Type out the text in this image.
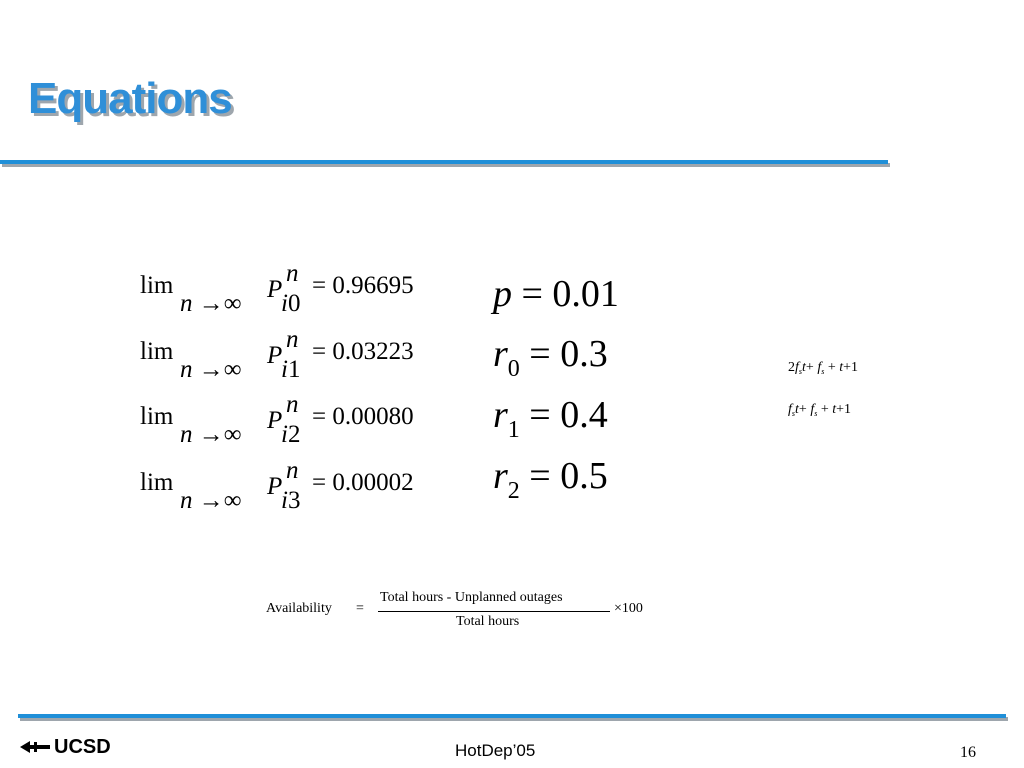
Equations
lim
n →∞
P
n
i0
= 0.96695
lim
n →∞
P
n
i1
= 0.03223
lim
n →∞
P
n
i2
= 0.00080
lim
n →∞
P
n
i3
= 0.00002
p = 0.01
$r_0 = 0.3$
$r_1 = 0.4$
$r_2 = 0.5$
$2f_st+ f_s + t+1$
$f_st+ f_s + t+1$
Availability =
Total hours - Unplanned outages
Total hours
×100
UCSD	HotDep’05	16
